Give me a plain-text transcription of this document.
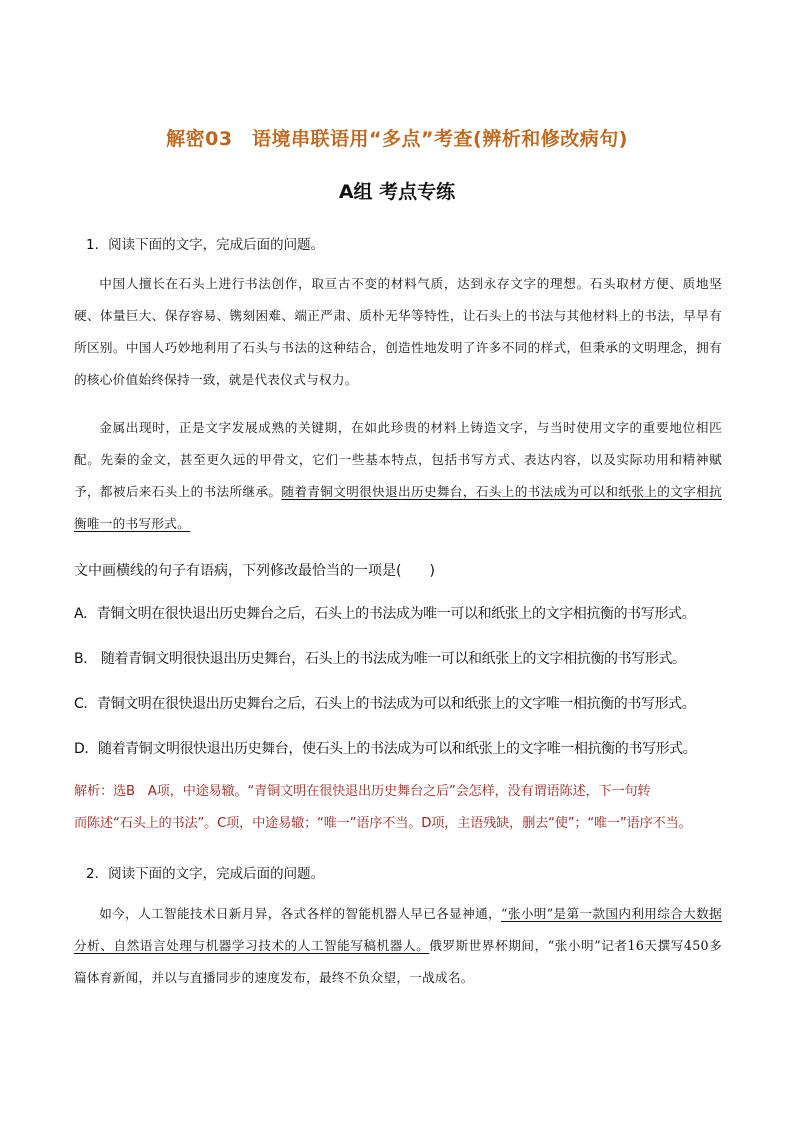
解密03　语境串联语用“多点”考查(辨析和修改病句)
A组 考点专练
1．阅读下面的文字，完成后面的问题。
中国人擅长在石头上进行书法创作，取亘古不变的材料气质，达到永存文字的理想。石头取材方便、质地坚硬、体量巨大、保存容易、镌刻困难、端正严肃、质朴无华等特性，让石头上的书法与其他材料上的书法，早早有所区别。中国人巧妙地利用了石头与书法的这种结合，创造性地发明了许多不同的样式，但秉承的文明理念，拥有的核心价值始终保持一致，就是代表仪式与权力。
金属出现时，正是文字发展成熟的关键期，在如此珍贵的材料上铸造文字，与当时使用文字的重要地位相匹配。先秦的金文，甚至更久远的甲骨文，它们一些基本特点，包括书写方式、表达内容，以及实际功用和精神赋予，都被后来石头上的书法所继承。随着青铜文明很快退出历史舞台，石头上的书法成为可以和纸张上的文字相抗衡唯一的书写形式。
文中画横线的句子有语病，下列修改最恰当的一项是(　　)
A．青铜文明在很快退出历史舞台之后，石头上的书法成为唯一可以和纸张上的文字相抗衡的书写形式。
B． 随着青铜文明很快退出历史舞台，石头上的书法成为唯一可以和纸张上的文字相抗衡的书写形式。
C．青铜文明在很快退出历史舞台之后，石头上的书法成为可以和纸张上的文字唯一相抗衡的书写形式。
D．随着青铜文明很快退出历史舞台，使石头上的书法成为可以和纸张上的文字唯一相抗衡的书写形式。
解析：选B　A项，中途易辙。“青铜文明在很快退出历史舞台之后”会怎样，没有谓语陈述，下一句转
而陈述“石头上的书法”。C项，中途易辙；“唯一”语序不当。D项，主语残缺，删去“使”；“唯一”语序不当。
2．阅读下面的文字，完成后面的问题。
如今，人工智能技术日新月异，各式各样的智能机器人早已各显神通，“张小明”是第一款国内利用综合大数据分析、自然语言处理与机器学习技术的人工智能写稿机器人。俄罗斯世界杯期间，“张小明”记者16天撰写450多篇体育新闻，并以与直播同步的速度发布，最终不负众望，一战成名。
